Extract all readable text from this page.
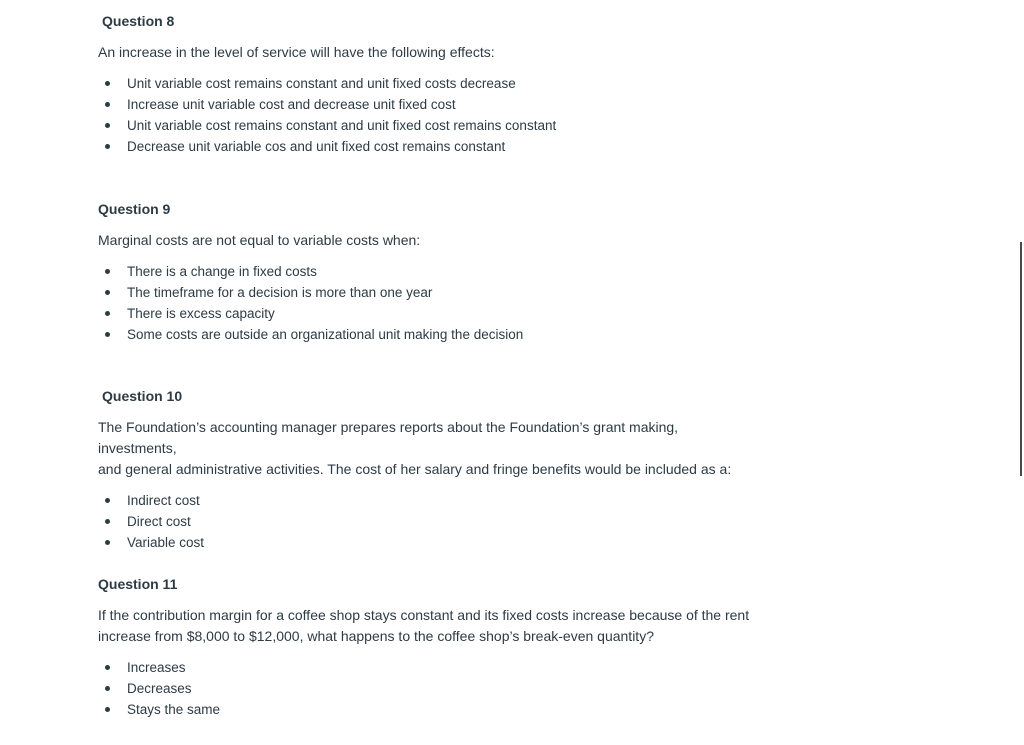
Question 8

An increase in the level of service will have the following effects:

Unit variable cost remains constant and unit fixed costs decrease
Increase unit variable cost and decrease unit fixed cost
Unit variable cost remains constant and unit fixed cost remains constant
Decrease unit variable cos and unit fixed cost remains constant

Question 9

Marginal costs are not equal to variable costs when:

There is a change in fixed costs
The timeframe for a decision is more than one year
There is excess capacity
Some costs are outside an organizational unit making the decision

Question 10

The Foundation’s accounting manager prepares reports about the Foundation’s grant making, investments,

and general administrative activities. The cost of her salary and fringe benefits would be included as a:

Indirect cost
Direct cost
Variable cost

Question 11

If the contribution margin for a coffee shop stays constant and its fixed costs increase because of the rent

increase from $8,000 to $12,000, what happens to the coffee shop’s break-even quantity?

Increases
Decreases
Stays the same
